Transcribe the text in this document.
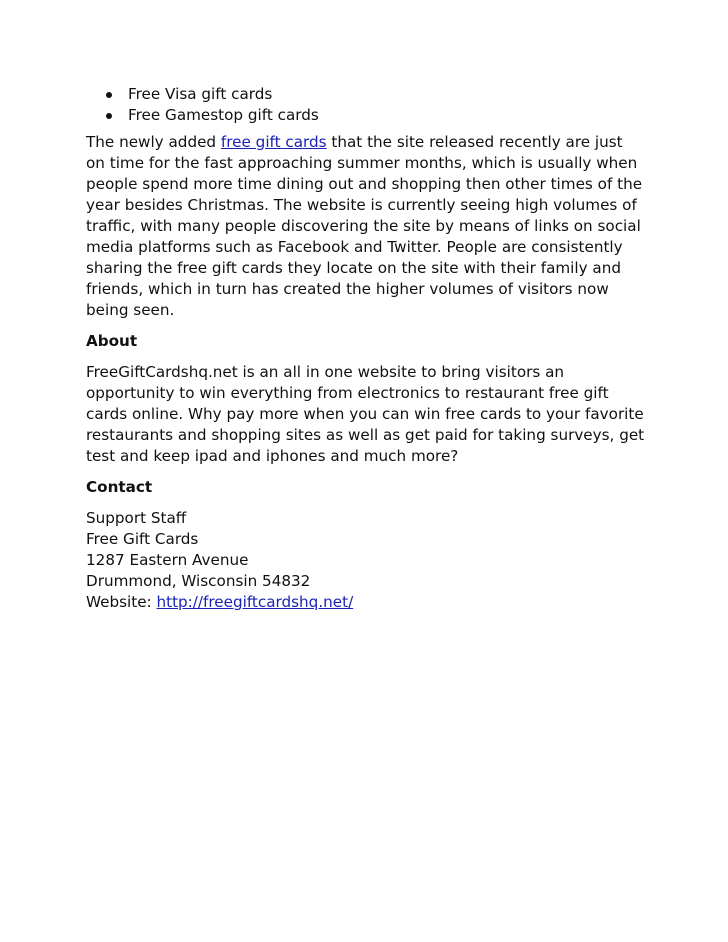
Free Visa gift cards
Free Gamestop gift cards

The newly added free gift cards that the site released recently are just on time for the fast approaching summer months, which is usually when people spend more time dining out and shopping then other times of the year besides Christmas. The website is currently seeing high volumes of traffic, with many people discovering the site by means of links on social media platforms such as Facebook and Twitter. People are consistently sharing the free gift cards they locate on the site with their family and friends, which in turn has created the higher volumes of visitors now being seen.

About

FreeGiftCardshq.net is an all in one website to bring visitors an opportunity to win everything from electronics to restaurant free gift cards online. Why pay more when you can win free cards to your favorite restaurants and shopping sites as well as get paid for taking surveys, get test and keep ipad and iphones and much more?

Contact

Support Staff
Free Gift Cards
1287 Eastern Avenue
Drummond, Wisconsin 54832
Website: http://freegiftcardshq.net/
